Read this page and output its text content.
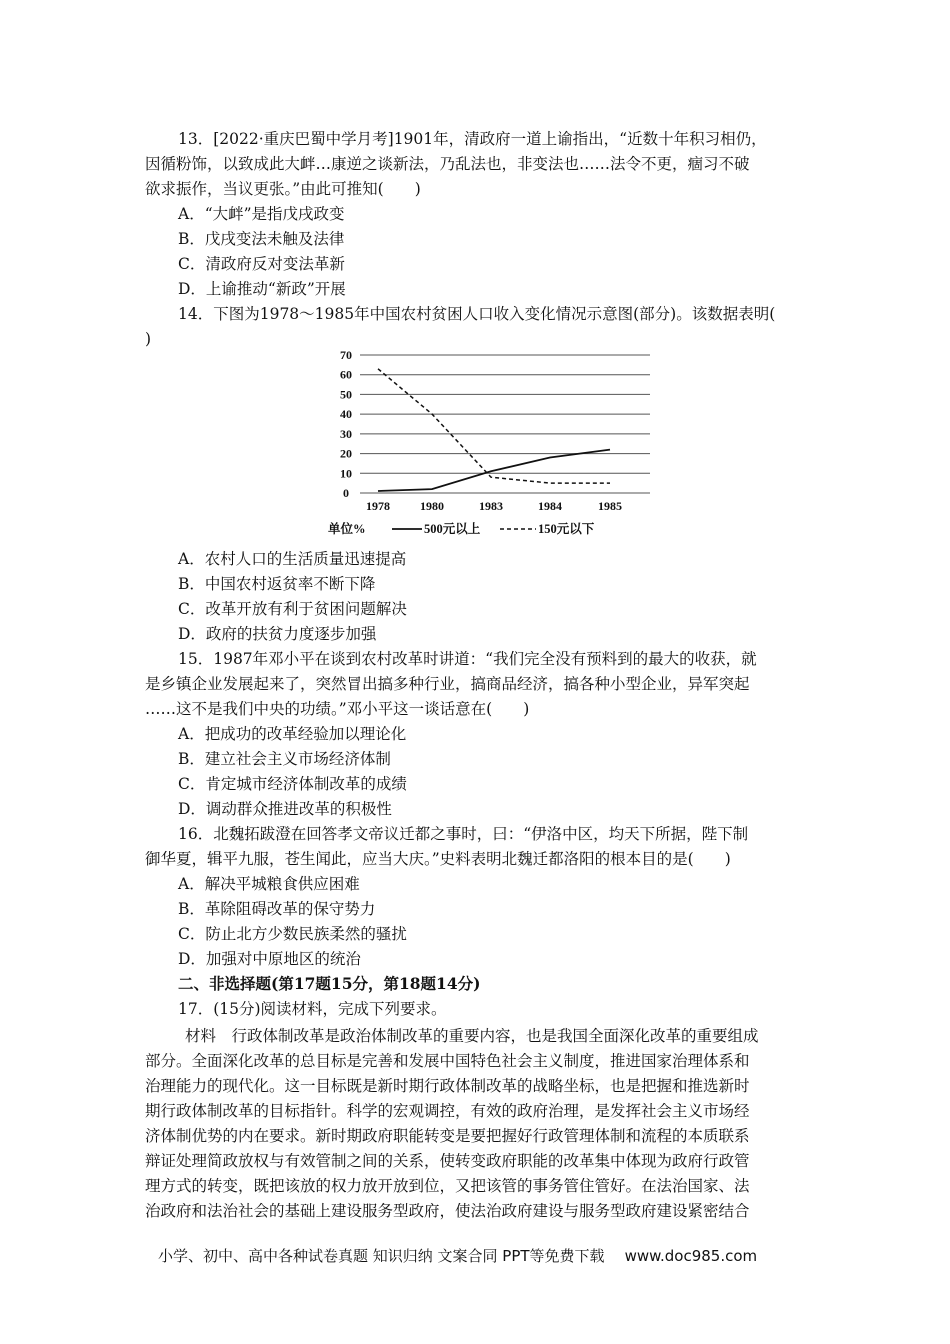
13．[2022·重庆巴蜀中学月考]1901年，清政府一道上谕指出，“近数十年积习相仍，
因循粉饰，以致成此大衅…康逆之谈新法，乃乱法也，非变法也……法令不更，痼习不破
欲求振作，当议更张。”由此可推知(　　)
A．“大衅”是指戊戌政变
B．戊戌变法未触及法律
C．清政府反对变法革新
D．上谕推动“新政”开展
14．下图为1978～1985年中国农村贫困人口收入变化情况示意图(部分)。该数据表明(
)
70
60
50
40
30
20
10
0
1978	1980	1983	1984	1985
单位%	500元以上	150元以下
A．农村人口的生活质量迅速提高
B．中国农村返贫率不断下降
C．改革开放有利于贫困问题解决
D．政府的扶贫力度逐步加强
15．1987年邓小平在谈到农村改革时讲道：“我们完全没有预料到的最大的收获，就
是乡镇企业发展起来了，突然冒出搞多种行业，搞商品经济，搞各种小型企业，异军突起
……这不是我们中央的功绩。”邓小平这一谈话意在(　　)
A．把成功的改革经验加以理论化
B．建立社会主义市场经济体制
C．肯定城市经济体制改革的成绩
D．调动群众推进改革的积极性
16．北魏拓跋澄在回答孝文帝议迁都之事时，曰：“伊洛中区，均天下所据，陛下制
御华夏，辑平九服，苍生闻此，应当大庆。”史料表明北魏迁都洛阳的根本目的是(　　)
A．解决平城粮食供应困难
B．革除阻碍改革的保守势力
C．防止北方少数民族柔然的骚扰
D．加强对中原地区的统治
二、非选择题(第17题15分，第18题14分)
17．(15分)阅读材料，完成下列要求。
材料　行政体制改革是政治体制改革的重要内容，也是我国全面深化改革的重要组成
部分。全面深化改革的总目标是完善和发展中国特色社会主义制度，推进国家治理体系和
治理能力的现代化。这一目标既是新时期行政体制改革的战略坐标，也是把握和推选新时
期行政体制改革的目标指针。科学的宏观调控，有效的政府治理，是发挥社会主义市场经
济体制优势的内在要求。新时期政府职能转变是要把握好行政管理体制和流程的本质联系
辩证处理简政放权与有效管制之间的关系，使转变政府职能的改革集中体现为政府行政管
理方式的转变，既把该放的权力放开放到位，又把该管的事务管住管好。在法治国家、法
治政府和法治社会的基础上建设服务型政府，使法治政府建设与服务型政府建设紧密结合
小学、初中、高中各种试卷真题 知识归纳 文案合同 PPT等免费下载 www.doc985.com
